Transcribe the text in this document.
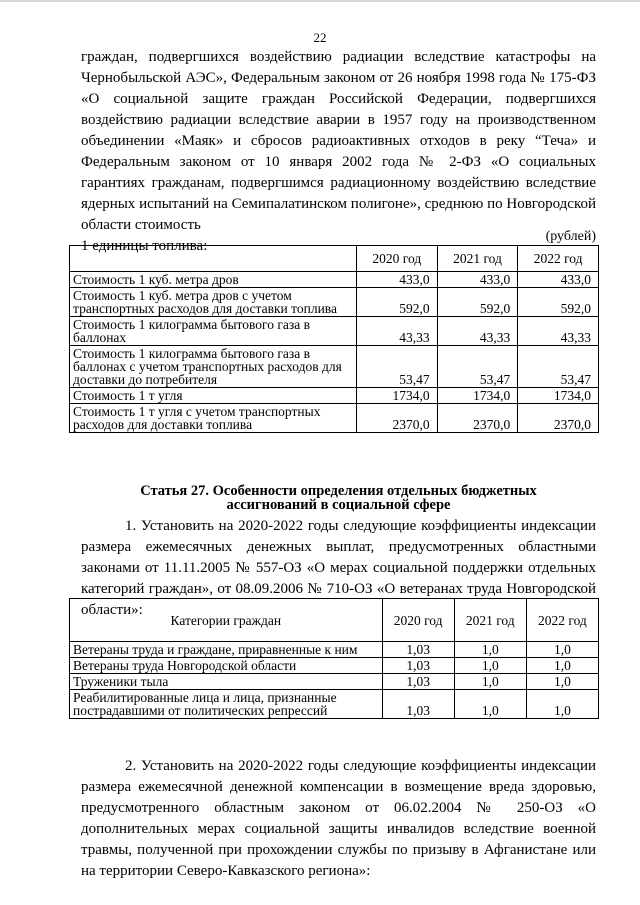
22

граждан, подвергшихся воздействию радиации вследствие катастрофы на Чернобыльской АЭС», Федеральным законом от 26 ноября 1998 года № 175-ФЗ «О социальной защите граждан Российской Федерации, подвергшихся воздействию радиации вследствие аварии в 1957 году на производственном объединении «Маяк» и сбросов радиоактивных отходов в реку “Теча» и Федеральным законом от 10 января 2002 года № 2-ФЗ «О социальных гарантиях гражданам, подвергшимся радиационному воздействию вследствие ядерных испытаний на Семипалатинском полигоне», среднюю по Новгородской области стоимость
1 единицы топлива:

(рублей)
	2020 год	2021 год	2022 год
Стоимость 1 куб. метра дров	433,0	433,0	433,0
Стоимость 1 куб. метра дров с учетом транспортных расходов для доставки топлива	592,0	592,0	592,0
Стоимость 1 килограмма бытового газа в баллонах	43,33	43,33	43,33
Стоимость 1 килограмма бытового газа в баллонах с учетом транспортных расходов для доставки до потребителя	53,47	53,47	53,47
Стоимость 1 т угля	1734,0	1734,0	1734,0
Стоимость 1 т угля с учетом транспортных расходов для доставки топлива	2370,0	2370,0	2370,0
Статья 27. Особенности определения отдельных бюджетных
ассигнований в социальной сфере

1. Установить на 2020-2022 годы следующие коэффициенты индексации размера ежемесячных денежных выплат, предусмотренных областными законами от 11.11.2005 № 557-ОЗ «О мерах социальной поддержки отдельных категорий граждан», от 08.09.2006 № 710-ОЗ «О ветеранах труда Новгородской области»:

Категории граждан	2020 год	2021 год	2022 год
Ветераны труда и граждане, приравненные к ним	1,03	1,0	1,0
Ветераны труда Новгородской области	1,03	1,0	1,0
Труженики тыла	1,03	1,0	1,0
Реабилитированные лица и лица, признанные пострадавшими от политических репрессий	1,03	1,0	1,0

2. Установить на 2020-2022 годы следующие коэффициенты индексации размера ежемесячной денежной компенсации в возмещение вреда здоровью, предусмотренного областным законом от 06.02.2004 № 250-ОЗ «О дополнительных мерах социальной защиты инвалидов вследствие военной травмы, полученной при прохождении службы по призыву в Афганистане или на территории Северо-Кавказского региона»:
